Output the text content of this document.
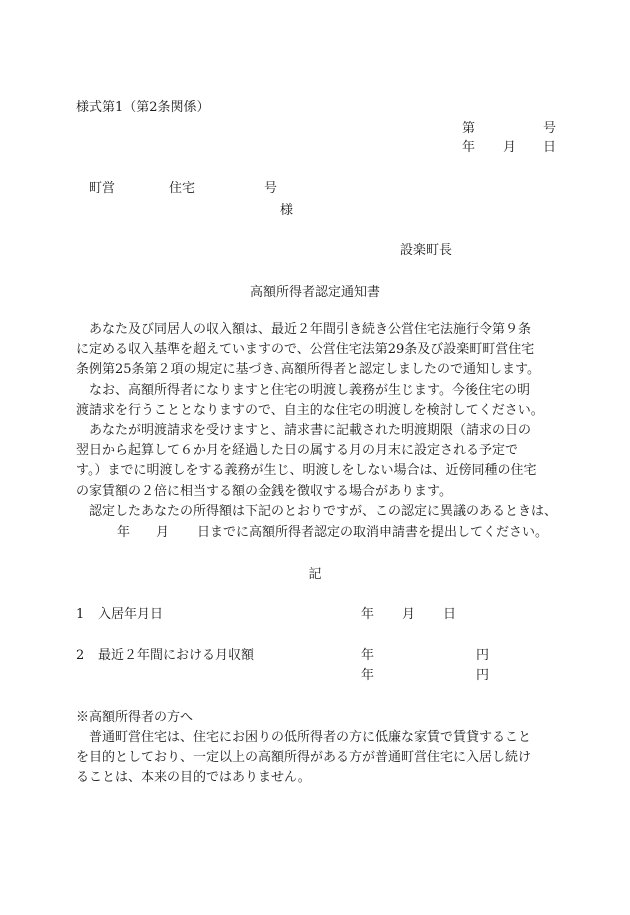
様式第1（第2条関係）
第	号
年 月 日
町営	住宅	号
様
設楽町長
高額所得者認定通知書
あなた及び同居人の収入額は、最近２年間引き続き公営住宅法施行令第９条
に定める収入基準を超えていますので、公営住宅法第29条及び設楽町町営住宅
条例第25条第２項の規定に基づき､高額所得者と認定しましたので通知します。
なお、高額所得者になりますと住宅の明渡し義務が生じます。今後住宅の明
渡請求を行うこととなりますので、自主的な住宅の明渡しを検討してください。
あなたが明渡請求を受けますと、請求書に記載された明渡期限（請求の日の
翌日から起算して６か月を経過した日の属する月の月末に設定される予定で
す。）までに明渡しをする義務が生じ、明渡しをしない場合は、近傍同種の住宅
の家賃額の２倍に相当する額の金銭を徴収する場合があります。
認定したあなたの所得額は下記のとおりですが、この認定に異議のあるときは、
年 月 日までに高額所得者認定の取消申請書を提出してください。
記
1 入居年月日	年 月 日
2 最近２年間における月収額	年	円
年	円
※高額所得者の方へ
普通町営住宅は、住宅にお困りの低所得者の方に低廉な家賃で賃貸すること
を目的としており、一定以上の高額所得がある方が普通町営住宅に入居し続け
ることは、本来の目的ではありません。
